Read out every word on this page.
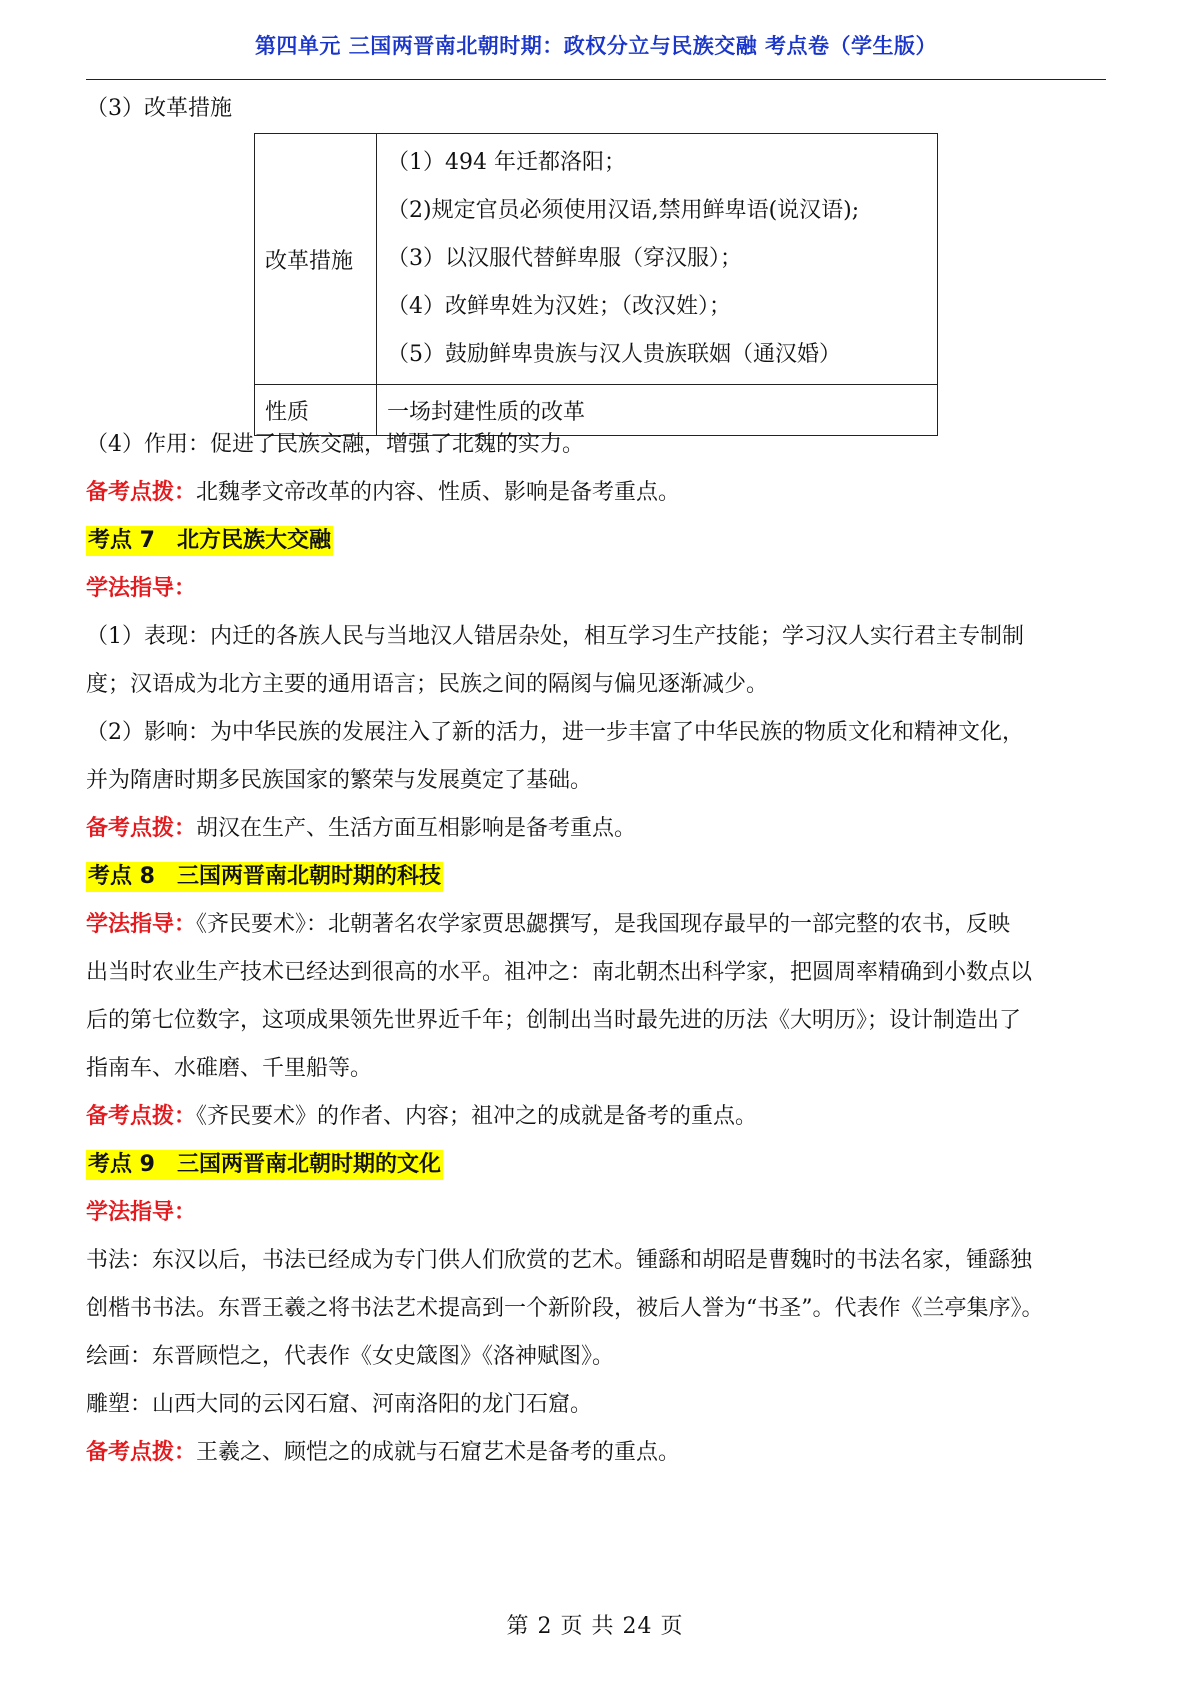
第四单元 三国两晋南北朝时期：政权分立与民族交融 考点卷（学生版）
（3）改革措施
改革措施	（1）494 年迁都洛阳；
（2)规定官员必须使用汉语,禁用鲜卑语(说汉语);
（3）以汉服代替鲜卑服（穿汉服）；
（4）改鲜卑姓为汉姓；（改汉姓）；
（5）鼓励鲜卑贵族与汉人贵族联姻（通汉婚）

性质	一场封建性质的改革
（4）作用：促进了民族交融，增强了北魏的实力。
备考点拨：北魏孝文帝改革的内容、性质、影响是备考重点。
考点 7　北方民族大交融
学法指导：
（1）表现：内迁的各族人民与当地汉人错居杂处，相互学习生产技能；学习汉人实行君主专制制
度；汉语成为北方主要的通用语言；民族之间的隔阂与偏见逐渐减少。
（2）影响：为中华民族的发展注入了新的活力，进一步丰富了中华民族的物质文化和精神文化，
并为隋唐时期多民族国家的繁荣与发展奠定了基础。
备考点拨：胡汉在生产、生活方面互相影响是备考重点。
考点 8　三国两晋南北朝时期的科技
学法指导：《齐民要术》：北朝著名农学家贾思勰撰写，是我国现存最早的一部完整的农书，反映
出当时农业生产技术已经达到很高的水平。祖冲之：南北朝杰出科学家，把圆周率精确到小数点以
后的第七位数字，这项成果领先世界近千年；创制出当时最先进的历法《大明历》；设计制造出了
指南车、水碓磨、千里船等。
备考点拨：《齐民要术》的作者、内容；祖冲之的成就是备考的重点。
考点 9　三国两晋南北朝时期的文化
学法指导：
书法：东汉以后，书法已经成为专门供人们欣赏的艺术。锺繇和胡昭是曹魏时的书法名家，锺繇独
创楷书书法。东晋王羲之将书法艺术提高到一个新阶段，被后人誉为“书圣”。代表作《兰亭集序》。
绘画：东晋顾恺之，代表作《女史箴图》《洛神赋图》。
雕塑：山西大同的云冈石窟、河南洛阳的龙门石窟。
备考点拨：王羲之、顾恺之的成就与石窟艺术是备考的重点。
第 2 页 共 24 页
